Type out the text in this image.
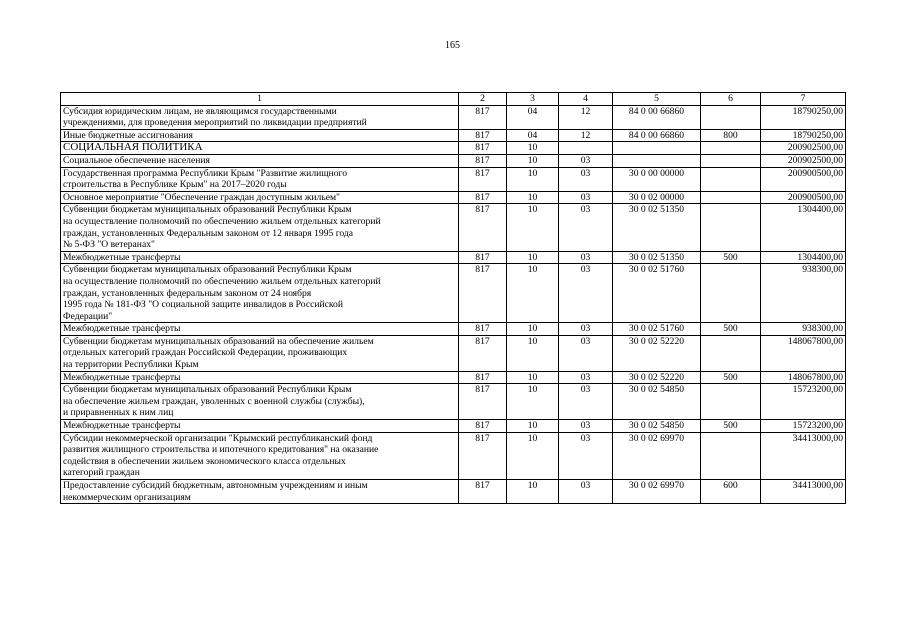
165
1	2	3	4	5	6	7
Субсидия юридическим лицам, не являющимся государственными
учреждениями, для проведения мероприятий по ликвидации предприятий	817	04	12	84 0 00 66860		18790250,00
Иные бюджетные ассигнования	817	04	12	84 0 00 66860	800	18790250,00
СОЦИАЛЬНАЯ ПОЛИТИКА	817	10				200902500,00
Социальное обеспечение населения	817	10	03			200902500,00
Государственная программа Республики Крым "Развитие жилищного
строительства в Республике Крым" на 2017–2020 годы	817	10	03	30 0 00 00000		200900500,00
Основное мероприятие "Обеспечение граждан доступным жильем"	817	10	03	30 0 02 00000		200900500,00
Субвенции бюджетам муниципальных образований Республики Крым
на осуществление полномочий по обеспечению жильем отдельных категорий
граждан, установленных Федеральным законом от 12 января 1995 года
№ 5-ФЗ "О ветеранах"	817	10	03	30 0 02 51350		1304400,00
Межбюджетные трансферты	817	10	03	30 0 02 51350	500	1304400,00
Субвенции бюджетам муниципальных образований Республики Крым
на осуществление полномочий по обеспечению жильем отдельных категорий
граждан, установленных федеральным законом от 24 ноября
1995 года № 181-ФЗ "О социальной защите инвалидов в Российской
Федерации"	817	10	03	30 0 02 51760		938300,00
Межбюджетные трансферты	817	10	03	30 0 02 51760	500	938300,00
Субвенции бюджетам муниципальных образований на обеспечение жильем
отдельных категорий граждан Российской Федерации, проживающих
на территории Республики Крым	817	10	03	30 0 02 52220		148067800,00
Межбюджетные трансферты	817	10	03	30 0 02 52220	500	148067800,00
Субвенции бюджетам муниципальных образований Республики Крым
на обеспечение жильем граждан, уволенных с военной службы (службы),
и приравненных к ним лиц	817	10	03	30 0 02 54850		15723200,00
Межбюджетные трансферты	817	10	03	30 0 02 54850	500	15723200,00
Субсидии некоммерческой организации "Крымский республиканский фонд
развития жилищного строительства и ипотечного кредитования" на оказание
содействия в обеспечении жильем экономического класса отдельных
категорий граждан	817	10	03	30 0 02 69970		34413000,00
Предоставление субсидий бюджетным, автономным учреждениям и иным
некоммерческим организациям	817	10	03	30 0 02 69970	600	34413000,00
